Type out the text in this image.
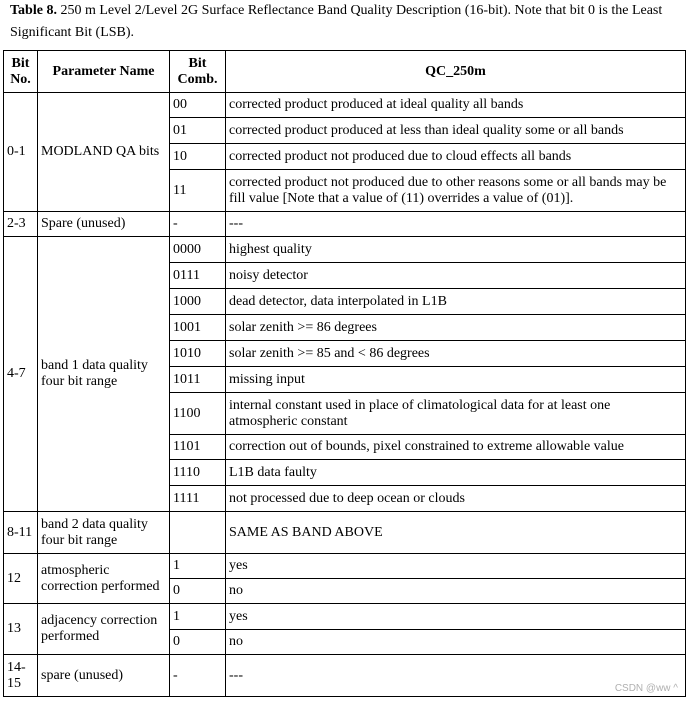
Table 8. 250 m Level 2/Level 2G Surface Reflectance Band Quality Description (16-bit). Note that bit 0 is the Least Significant Bit (LSB).
Bit No.	Parameter Name	Bit Comb.	QC_250m
0-1	MODLAND QA bits	00	corrected product produced at ideal quality all bands
		01	corrected product produced at less than ideal quality some or all bands
		10	corrected product not produced due to cloud effects all bands
		11	corrected product not produced due to other reasons some or all bands may be fill value [Note that a value of (11) overrides a value of (01)].
2-3	Spare (unused)	-	---
4-7	band 1 data quality four bit range	0000	highest quality
		0111	noisy detector
		1000	dead detector, data interpolated in L1B
		1001	solar zenith >= 86 degrees
		1010	solar zenith >= 85 and < 86 degrees
		1011	missing input
		1100	internal constant used in place of climatological data for at least one atmospheric constant
		1101	correction out of bounds, pixel constrained to extreme allowable value
		1110	L1B data faulty
		1111	not processed due to deep ocean or clouds
8-11	band 2 data quality four bit range		SAME AS BAND ABOVE
12	atmospheric correction performed	1	yes
		0	no
13	adjacency correction performed	1	yes
		0	no
14-15	spare (unused)	-	---
CSDN @ww ^
